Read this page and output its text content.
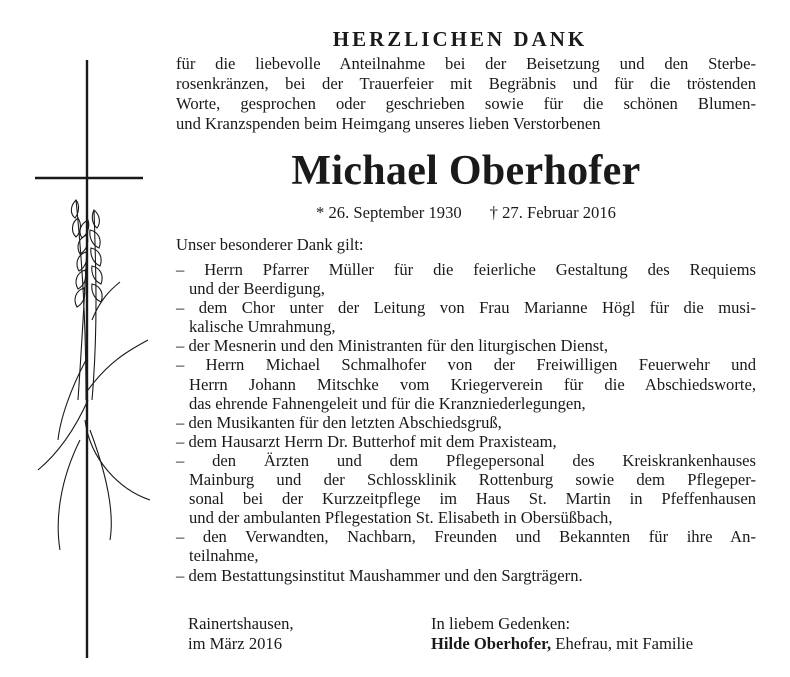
HERZLICHEN DANK

für die liebevolle Anteilnahme bei der Beisetzung und den Sterbe-

rosenkränzen, bei der Trauerfeier mit Begräbnis und für die tröstenden

Worte, gesprochen oder geschrieben sowie für die schönen Blumen-

und Kranzspenden beim Heimgang unseres lieben Verstorbenen

Michael Oberhofer
* 26. September 1930 † 27. Februar 2016
Unser besonderer Dank gilt:
– Herrn Pfarrer Müller für die feierliche Gestaltung des Requiems
und der Beerdigung,
– dem Chor unter der Leitung von Frau Marianne Högl für die musi-
kalische Umrahmung,
– der Mesnerin und den Ministranten für den liturgischen Dienst,
– Herrn Michael Schmalhofer von der Freiwilligen Feuerwehr und
Herrn Johann Mitschke vom Kriegerverein für die Abschiedsworte,
das ehrende Fahnengeleit und für die Kranzniederlegungen,
– den Musikanten für den letzten Abschiedsgruß,
– dem Hausarzt Herrn Dr. Butterhof mit dem Praxisteam,
– den Ärzten und dem Pflegepersonal des Kreiskrankenhauses
Mainburg und der Schlossklinik Rottenburg sowie dem Pflegeper-
sonal bei der Kurzzeitpflege im Haus St. Martin in Pfeffenhausen
und der ambulanten Pflegestation St. Elisabeth in Obersüßbach,
– den Verwandten, Nachbarn, Freunden und Bekannten für ihre An-
teilnahme,
– dem Bestattungsinstitut Maushammer und den Sargträgern.
Rainertshausen,
im März 2016
In liebem Gedenken:
Hilde Oberhofer, Ehefrau, mit Familie
